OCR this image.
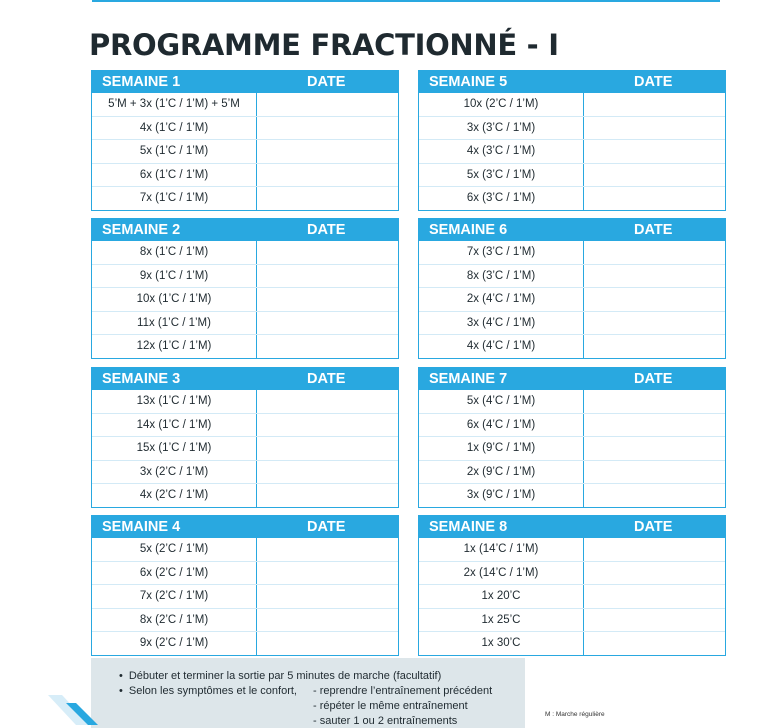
PROGRAMME FRACTIONNÉ - I
SEMAINE 1	DATE
5’M + 3x (1’C / 1’M) + 5’M
4x (1’C / 1’M)
5x (1’C / 1’M)
6x (1’C / 1’M)
7x (1’C / 1’M)
SEMAINE 2	DATE
8x (1’C / 1’M)
9x (1’C / 1’M)
10x (1’C / 1’M)
11x (1’C / 1’M)
12x (1’C / 1’M)
SEMAINE 3	DATE
13x (1’C / 1’M)
14x (1’C / 1’M)
15x (1’C / 1’M)
3x (2’C / 1’M)
4x (2’C / 1’M)
SEMAINE 4	DATE
5x (2’C / 1’M)
6x (2’C / 1’M)
7x (2’C / 1’M)
8x (2’C / 1’M)
9x (2’C / 1’M)
SEMAINE 5	DATE
10x (2’C / 1’M)
3x (3’C / 1’M)
4x (3’C / 1’M)
5x (3’C / 1’M)
6x (3’C / 1’M)
SEMAINE 6	DATE
7x (3’C / 1’M)
8x (3’C / 1’M)
2x (4’C / 1’M)
3x (4’C / 1’M)
4x (4’C / 1’M)
SEMAINE 7	DATE
5x (4’C / 1’M)
6x (4’C / 1’M)
1x (9’C / 1’M)
2x (9’C / 1’M)
3x (9’C / 1’M)
SEMAINE 8	DATE
1x (14’C / 1’M)
2x (14’C / 1’M)
1x 20’C
1x 25’C
1x 30’C
• Débuter et terminer la sortie par 5 minutes de marche (facultatif)
• Selon les symptômes et le confort, - reprendre l’entraînement précédent
- répéter le même entraînement
- sauter 1 ou 2 entraînements
M : Marche régulière
